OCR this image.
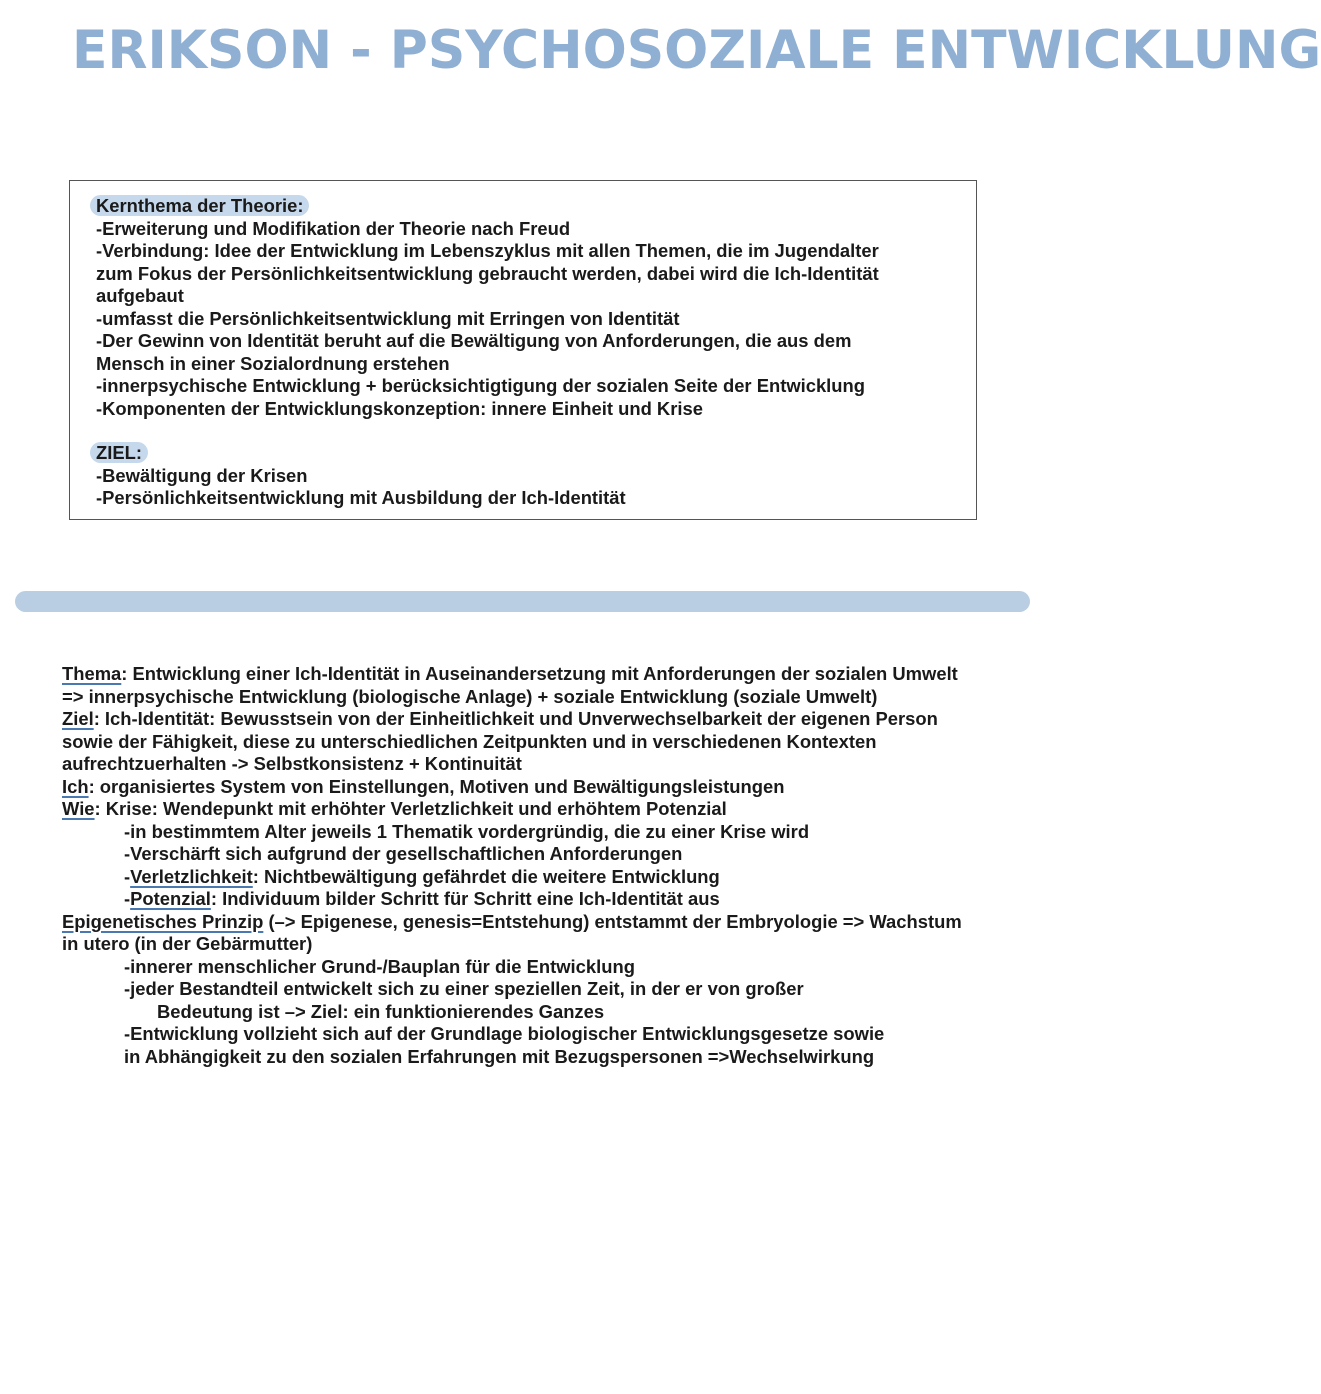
ERIKSON - PSYCHOSOZIALE ENTWICKLUNG
Kernthema der Theorie:
-Erweiterung und Modifikation der Theorie nach Freud
-Verbindung: Idee der Entwicklung im Lebenszyklus mit allen Themen, die im Jugendalter
zum Fokus der Persönlichkeitsentwicklung gebraucht werden, dabei wird die Ich-Identität
aufgebaut
-umfasst die Persönlichkeitsentwicklung mit Erringen von Identität
-Der Gewinn von Identität beruht auf die Bewältigung von Anforderungen, die aus dem
Mensch in einer Sozialordnung erstehen
-innerpsychische Entwicklung + berücksichtigtigung der sozialen Seite der Entwicklung
-Komponenten der Entwicklungskonzeption: innere Einheit und Krise
ZIEL:
-Bewältigung der Krisen
-Persönlichkeitsentwicklung mit Ausbildung der Ich-Identität
Thema: Entwicklung einer Ich-Identität in Auseinandersetzung mit Anforderungen der sozialen Umwelt
=> innerpsychische Entwicklung (biologische Anlage) + soziale Entwicklung (soziale Umwelt)
Ziel: Ich-Identität: Bewusstsein von der Einheitlichkeit und Unverwechselbarkeit der eigenen Person
sowie der Fähigkeit, diese zu unterschiedlichen Zeitpunkten und in verschiedenen Kontexten
aufrechtzuerhalten -> Selbstkonsistenz + Kontinuität
Ich: organisiertes System von Einstellungen, Motiven und Bewältigungsleistungen
Wie: Krise: Wendepunkt mit erhöhter Verletzlichkeit und erhöhtem Potenzial
-in bestimmtem Alter jeweils 1 Thematik vordergründig, die zu einer Krise wird
-Verschärft sich aufgrund der gesellschaftlichen Anforderungen
-Verletzlichkeit: Nichtbewältigung gefährdet die weitere Entwicklung
-Potenzial: Individuum bilder Schritt für Schritt eine Ich-Identität aus
Epigenetisches Prinzip (–> Epigenese, genesis=Entstehung) entstammt der Embryologie => Wachstum
in utero (in der Gebärmutter)
-innerer menschlicher Grund-/Bauplan für die Entwicklung
-jeder Bestandteil entwickelt sich zu einer speziellen Zeit, in der er von großer
Bedeutung ist –> Ziel: ein funktionierendes Ganzes
-Entwicklung vollzieht sich auf der Grundlage biologischer Entwicklungsgesetze sowie
in Abhängigkeit zu den sozialen Erfahrungen mit Bezugspersonen =>Wechselwirkung
